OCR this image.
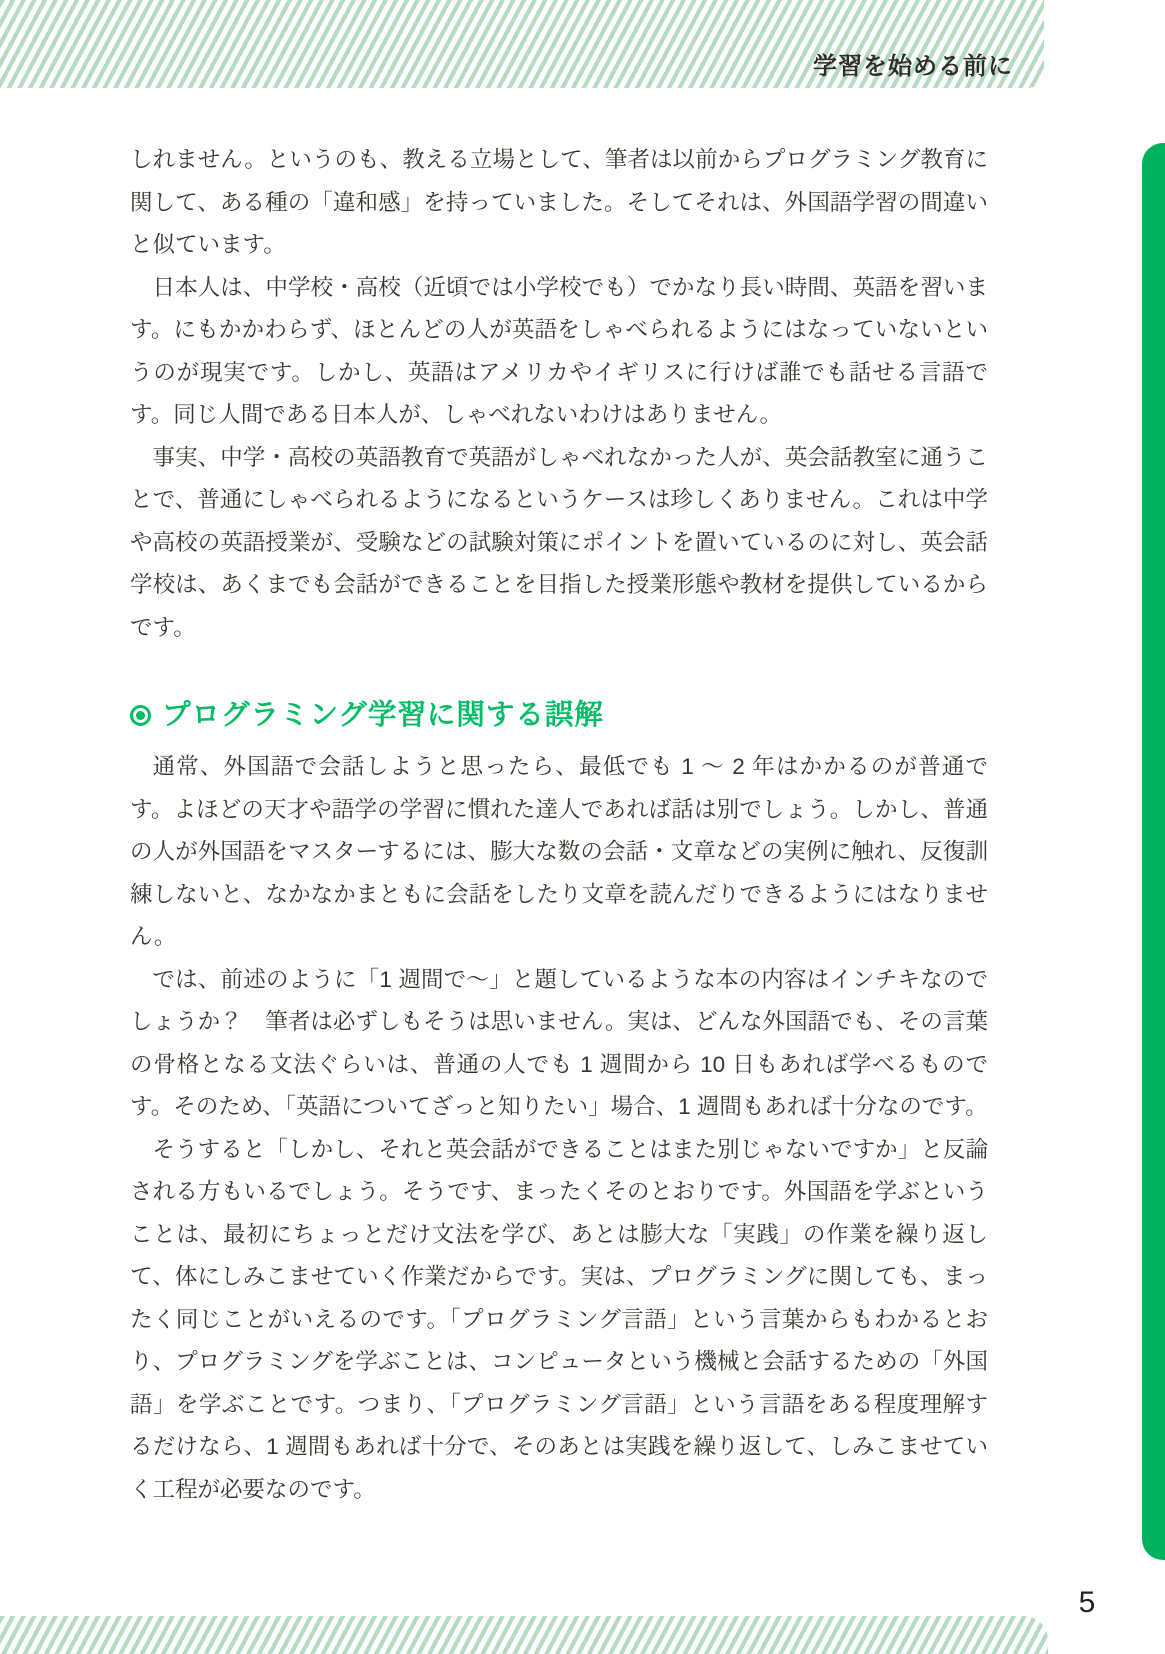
学習を始める前に

しれません。というのも、教える立場として、筆者は以前からプログラミング教育に関して、ある種の「違和感」を持っていました。そしてそれは、外国語学習の間違いと似ています。

日本人は、中学校・高校（近頃では小学校でも）でかなり長い時間、英語を習います。にもかかわらず、ほとんどの人が英語をしゃべられるようにはなっていないというのが現実です。しかし、英語はアメリカやイギリスに行けば誰でも話せる言語です。同じ人間である日本人が、しゃべれないわけはありません。

事実、中学・高校の英語教育で英語がしゃべれなかった人が、英会話教室に通うことで、普通にしゃべられるようになるというケースは珍しくありません。これは中学や高校の英語授業が、受験などの試験対策にポイントを置いているのに対し、英会話学校は、あくまでも会話ができることを目指した授業形態や教材を提供しているからです。

プログラミング学習に関する誤解

通常、外国語で会話しようと思ったら、最低でも 1 ～ 2 年はかかるのが普通です。よほどの天才や語学の学習に慣れた達人であれば話は別でしょう。しかし、普通の人が外国語をマスターするには、膨大な数の会話・文章などの実例に触れ、反復訓練しないと、なかなかまともに会話をしたり文章を読んだりできるようにはなりません。

では、前述のように「1 週間で～」と題しているような本の内容はインチキなのでしょうか？　筆者は必ずしもそうは思いません。実は、どんな外国語でも、その言葉の骨格となる文法ぐらいは、普通の人でも 1 週間から 10 日もあれば学べるものです。そのため、「英語についてざっと知りたい」場合、1 週間もあれば十分なのです。

そうすると「しかし、それと英会話ができることはまた別じゃないですか」と反論される方もいるでしょう。そうです、まったくそのとおりです。外国語を学ぶということは、最初にちょっとだけ文法を学び、あとは膨大な「実践」の作業を繰り返して、体にしみこませていく作業だからです。実は、プログラミングに関しても、まったく同じことがいえるのです。「プログラミング言語」という言葉からもわかるとおり、プログラミングを学ぶことは、コンピュータという機械と会話するための「外国語」を学ぶことです。つまり、「プログラミング言語」という言語をある程度理解するだけなら、1 週間もあれば十分で、そのあとは実践を繰り返して、しみこませていく工程が必要なのです。

5
